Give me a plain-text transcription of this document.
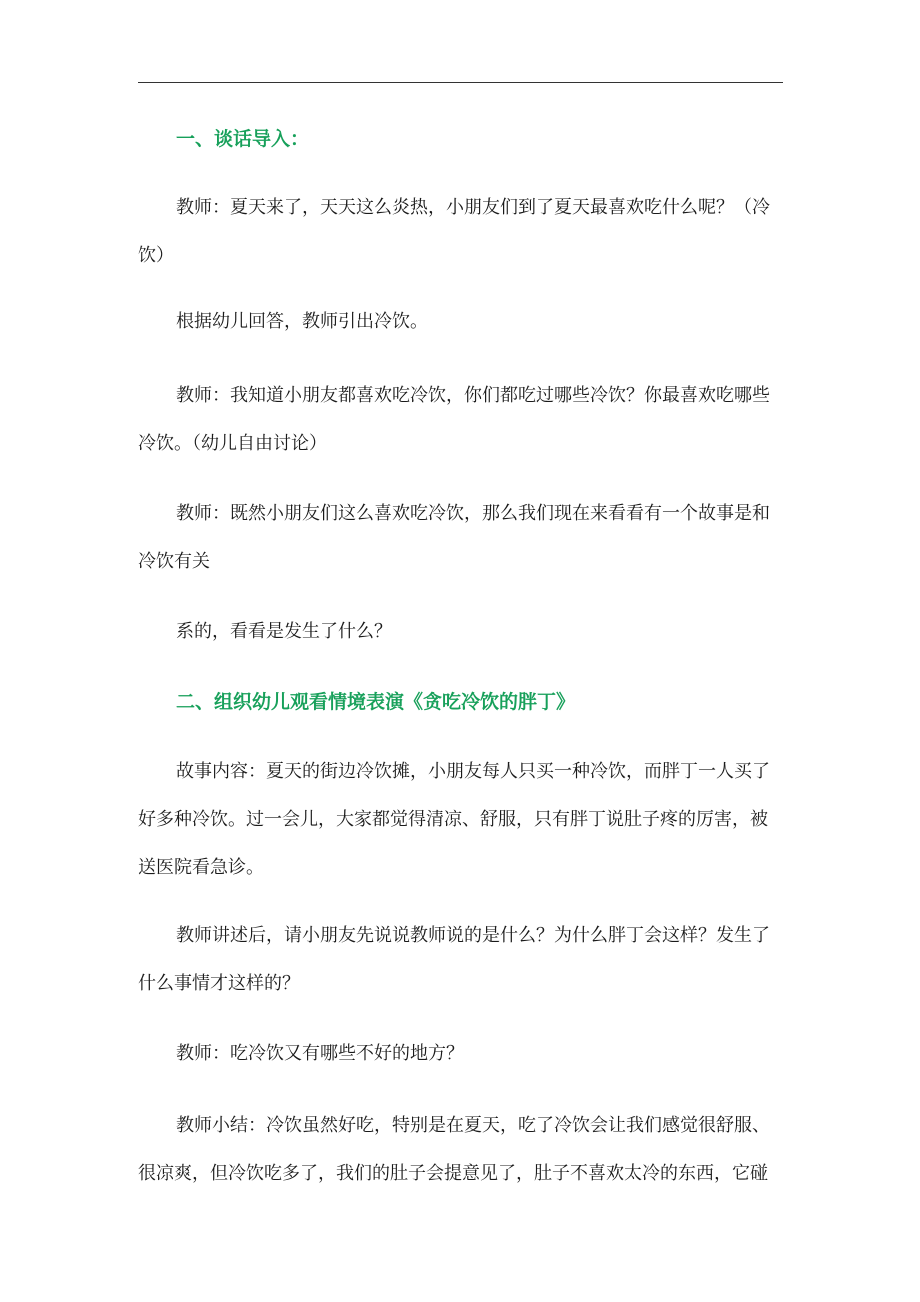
一、谈话导入：
教师：夏天来了，天天这么炎热，小朋友们到了夏天最喜欢吃什么呢？（冷饮）
根据幼儿回答，教师引出冷饮。
教师：我知道小朋友都喜欢吃冷饮，你们都吃过哪些冷饮？你最喜欢吃哪些冷饮。（幼儿自由讨论）
教师：既然小朋友们这么喜欢吃冷饮，那么我们现在来看看有一个故事是和冷饮有关
系的，看看是发生了什么？
二、组织幼儿观看情境表演《贪吃冷饮的胖丁》
故事内容：夏天的街边冷饮摊，小朋友每人只买一种冷饮，而胖丁一人买了好多种冷饮。过一会儿，大家都觉得清凉、舒服，只有胖丁说肚子疼的厉害，被送医院看急诊。
教师讲述后，请小朋友先说说教师说的是什么？为什么胖丁会这样？发生了什么事情才这样的？
教师：吃冷饮又有哪些不好的地方？
教师小结：冷饮虽然好吃，特别是在夏天，吃了冷饮会让我们感觉很舒服、很凉爽，但冷饮吃多了，我们的肚子会提意见了，肚子不喜欢太冷的东西，它碰
